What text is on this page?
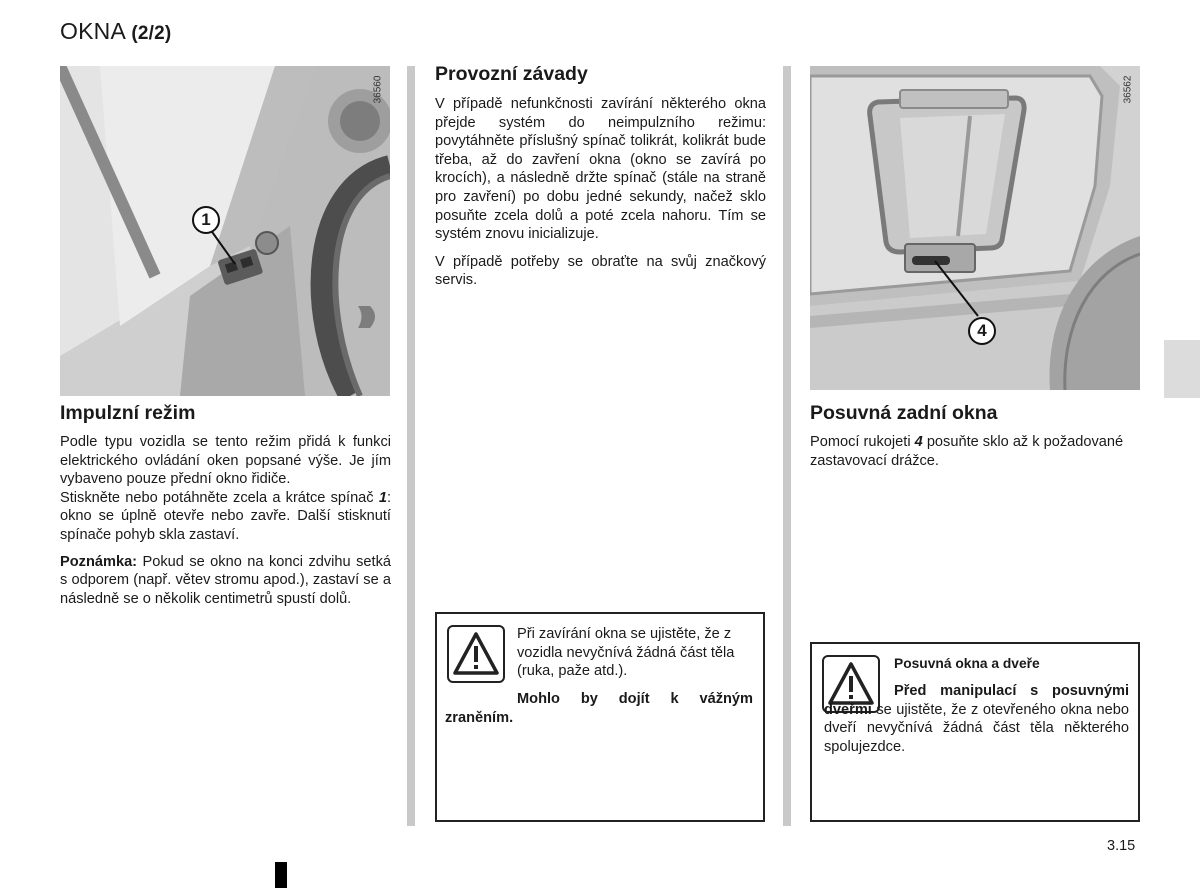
OKNA (2/2)
1
36560
Impulzní režim

Podle typu vozidla se tento režim přidá k funkci elektrického ovládání oken popsané výše. Je jím vybaveno pouze přední okno řidiče.

Stiskněte nebo potáhněte zcela a krátce spínač 1: okno se úplně otevře nebo zavře. Další stisknutí spínače pohyb skla zastaví.

Poznámka: Pokud se okno na konci zdvihu setká s odporem (např. větev stromu apod.), zastaví se a následně se o několik centimetrů spustí dolů.

Provozní závady

V případě nefunkčnosti zavírání některého okna přejde systém do neimpulzního režimu: povytáhněte příslušný spínač tolikrát, kolikrát bude třeba, až do zavření okna (okno se zavírá po krocích), a následně držte spínač (stále na straně pro zavření) po dobu jedné sekundy, načež sklo posuňte zcela dolů a poté zcela nahoru. Tím se systém znovu inicializuje.

V případě potřeby se obraťte na svůj značkový servis.

Při zavírání okna se ujistěte, že z vozidla nevyčnívá žádná část těla (ruka, paže atd.).
Mohlo by dojít k vážným zraněním.
4
36562
Posuvná zadní okna

Pomocí rukojeti 4 posuňte sklo až k požadované zastavovací drážce.

Posuvná okna a dveře
Před manipulací s posuvnými dveřmi se ujistěte, že z otevřeného okna nebo dveří nevyčnívá žádná část těla některého spolujezdce.
3.15
